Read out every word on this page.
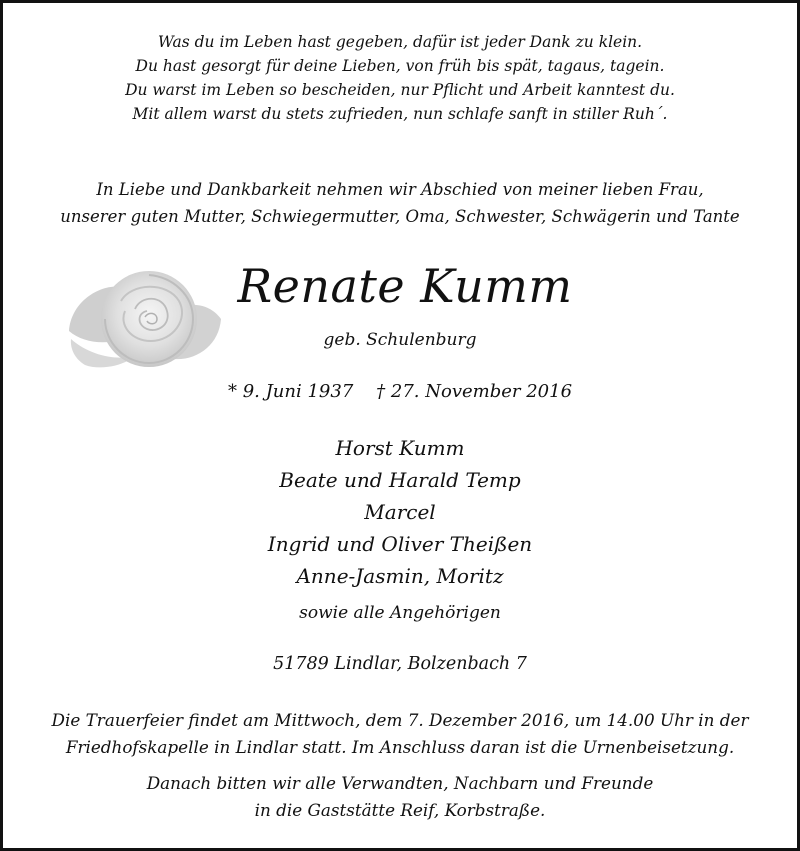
Was du im Leben hast gegeben, dafür ist jeder Dank zu klein.
Du hast gesorgt für deine Lieben, von früh bis spät, tagaus, tagein.
Du warst im Leben so bescheiden, nur Pflicht und Arbeit kanntest du.
Mit allem warst du stets zufrieden, nun schlafe sanft in stiller Ruh´.
In Liebe und Dankbarkeit nehmen wir Abschied von meiner lieben Frau,
unserer guten Mutter, Schwiegermutter, Oma, Schwester, Schwägerin und Tante
Renate Kumm
geb. Schulenburg
* 9. Juni 1937    † 27. November 2016
Horst Kumm
Beate und Harald Temp
Marcel
Ingrid und Oliver Theißen
Anne-Jasmin, Moritz
sowie alle Angehörigen
51789 Lindlar, Bolzenbach 7
Die Trauerfeier findet am Mittwoch, dem 7. Dezember 2016, um 14.00 Uhr in der
Friedhofskapelle in Lindlar statt. Im Anschluss daran ist die Urnenbeisetzung.
Danach bitten wir alle Verwandten, Nachbarn und Freunde
in die Gaststätte Reif, Korbstraße.
